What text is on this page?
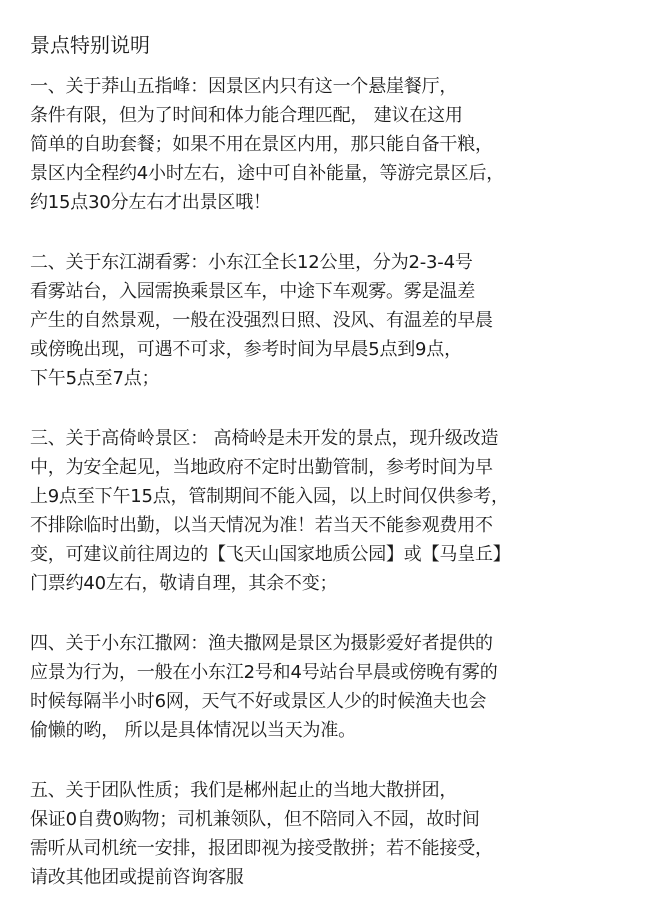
景点特别说明
一、关于莽山五指峰：因景区内只有这一个悬崖餐厅，
条件有限，但为了时间和体力能合理匹配， 建议在这用
简单的自助套餐；如果不用在景区内用，那只能自备干粮，
景区内全程约4小时左右，途中可自补能量，等游完景区后，
约15点30分左右才出景区哦！
二、关于东江湖看雾：小东江全长12公里，分为2-3-4号
看雾站台，入园需换乘景区车，中途下车观雾。雾是温差
产生的自然景观，一般在没强烈日照、没风、有温差的早晨
或傍晚出现，可遇不可求，参考时间为早晨5点到9点，
下午5点至7点；
三、关于高倚岭景区： 高椅岭是未开发的景点，现升级改造
中，为安全起见，当地政府不定时出勤管制，参考时间为早
上9点至下午15点，管制期间不能入园，以上时间仅供参考，
不排除临时出勤，以当天情况为准！若当天不能参观费用不
变，可建议前往周边的【飞天山国家地质公园】或【马皇丘】
门票约40左右，敬请自理，其余不变；
四、关于小东江撒网：渔夫撒网是景区为摄影爱好者提供的
应景为行为，一般在小东江2号和4号站台早晨或傍晚有雾的
时候每隔半小时6网，天气不好或景区人少的时候渔夫也会
偷懒的哟， 所以是具体情况以当天为准。
五、关于团队性质；我们是郴州起止的当地大散拼团，
保证0自费0购物；司机兼领队，但不陪同入不园，故时间
需听从司机统一安排，报团即视为接受散拼；若不能接受，
请改其他团或提前咨询客服
